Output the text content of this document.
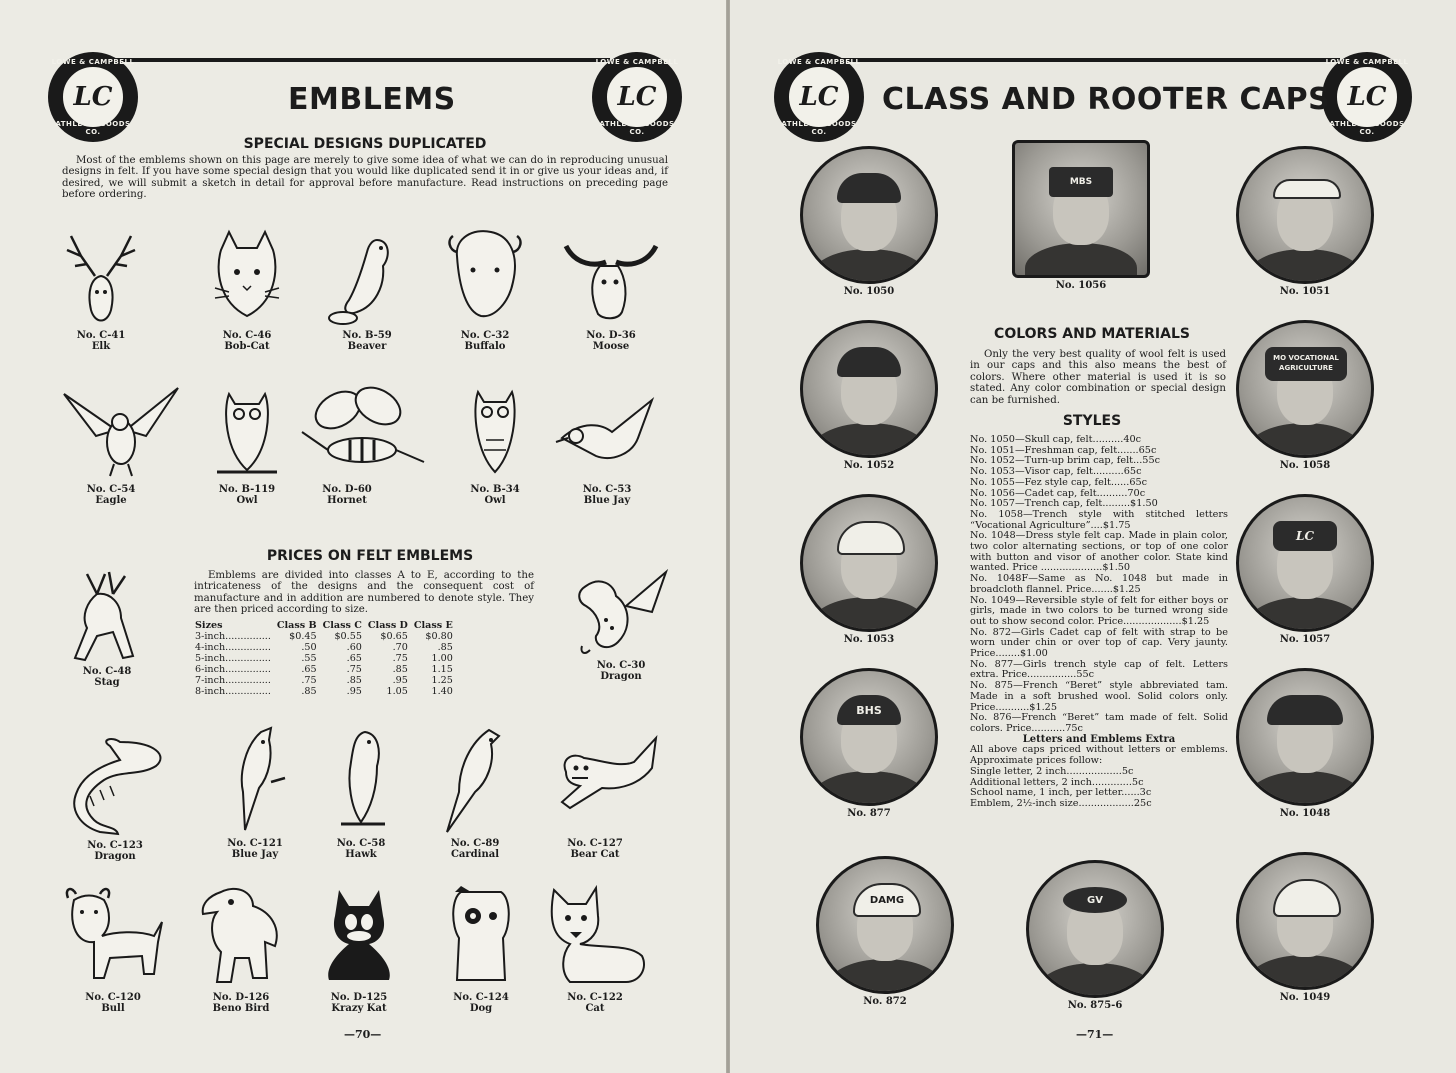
LOWE & CAMPBELL
LC
ATHLETIC GOODS CO.
LOWE & CAMPBELL
LC
ATHLETIC GOODS CO.
EMBLEMS
SPECIAL DESIGNS DUPLICATED
Most of the emblems shown on this page are merely to give some idea of what we can do in reproducing unusual designs in felt. If you have some special design that you would like duplicated send it in or give us your ideas and, if desired, we will submit a sketch in detail for approval before manufacture. Read instructions on preceding page before ordering.
No. C-41
Elk
No. C-46
Bob-Cat
No. B-59
Beaver
No. C-32
Buffalo
No. D-36
Moose
No. C-54
Eagle
No. B-119
Owl
No. D-60
Hornet
No. B-34
Owl
No. C-53
Blue Jay
PRICES ON FELT EMBLEMS
Emblems are divided into classes A to E, according to the intricateness of the designs and the consequent cost of manufacture and in addition are numbered to denote style. They are then priced according to size.
No. C-48
Stag
Sizes	Class B	Class C	Class D	Class E
3-inch...............	$0.45	$0.55	$0.65	$0.80
4-inch...............	.50	.60	.70	.85
5-inch...............	.55	.65	.75	1.00
6-inch...............	.65	.75	.85	1.15
7-inch...............	.75	.85	.95	1.25
8-inch...............	.85	.95	1.05	1.40
No. C-30
Dragon
No. C-123
Dragon
No. C-121
Blue Jay
No. C-58
Hawk
No. C-89
Cardinal
No. C-127
Bear Cat
No. C-120
Bull
No. D-126
Beno Bird
No. D-125
Krazy Kat
No. C-124
Dog
No. C-122
Cat
—70—
LOWE & CAMPBELL
LC
ATHLETIC GOODS CO.
LOWE & CAMPBELL
LC
ATHLETIC GOODS CO.
CLASS AND ROOTER CAPS
No. 1050
No. 1052
No. 1053
BHS
No. 877
DAMG
No. 872
MBS
No. 1056
GV
No. 875-6
No. 1051
MO VOCATIONAL
AGRICULTURE
No. 1058
LC
No. 1057
No. 1048
No. 1049
COLORS AND MATERIALS
Only the very best quality of wool felt is used in our caps and this also means the best of colors. Where other material is used it is so stated. Any color combination or special design can be furnished.
STYLES
No. 1050—Skull cap, felt..........40c
No. 1051—Freshman cap, felt.......65c
No. 1052—Turn-up brim cap, felt...55c
No. 1053—Visor cap, felt..........65c
No. 1055—Fez style cap, felt......65c
No. 1056—Cadet cap, felt..........70c
No. 1057—Trench cap, felt.........$1.50
No. 1058—Trench style with stitched letters “Vocational Agriculture”....$1.75
No. 1048—Dress style felt cap. Made in plain color, two color alternating sections, or top of one color with button and visor of another color. State kind wanted. Price ....................$1.50
No. 1048F—Same as No. 1048 but made in broadcloth flannel. Price.......$1.25
No. 1049—Reversible style of felt for either boys or girls, made in two colors to be turned wrong side out to show second color. Price...................$1.25
No. 872—Girls Cadet cap of felt with strap to be worn under chin or over top of cap. Very jaunty. Price........$1.00
No. 877—Girls trench style cap of felt. Letters extra. Price................55c
No. 875—French “Beret” style abbreviated tam. Made in a soft brushed wool. Solid colors only. Price...........$1.25
No. 876—French “Beret” tam made of felt. Solid colors. Price...........75c
Letters and Emblems Extra
All above caps priced without letters or emblems. Approximate prices follow:
Single letter, 2 inch..................5c
Additional letters, 2 inch.............5c
School name, 1 inch, per letter......3c
Emblem, 2½-inch size..................25c
—71—
